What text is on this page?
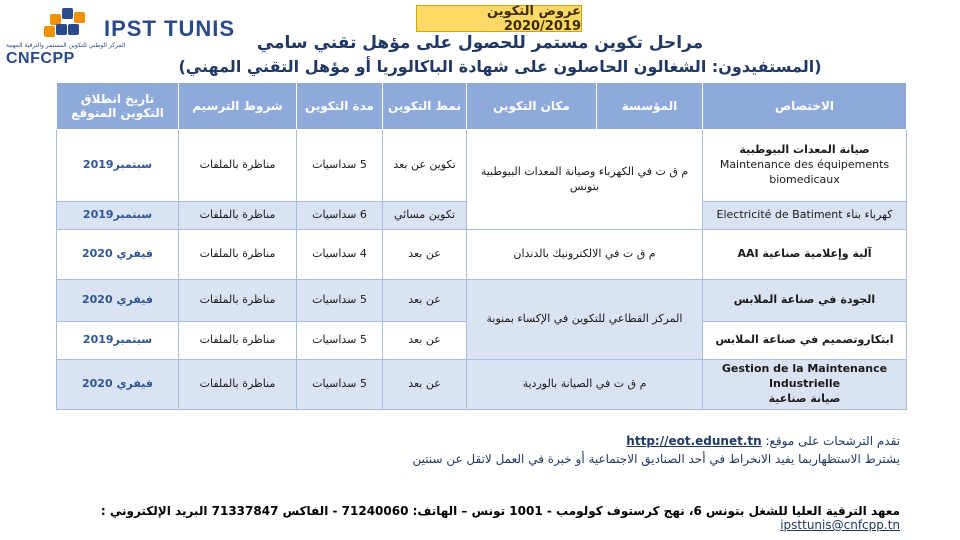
المركز الوطني للتكوين المستمر والترقية المهنية
CNFCPP
IPST TUNIS
عروض التكوين 2020/2019
مراحل تكوين مستمر للحصول على مؤهل تقني سامي
(المستفيدون: الشغالون الحاصلون على شهادة الباكالوريا أو مؤهل التقني المهني)
الاختصاص	المؤسسة	مكان التكوين	نمط التكوين	مدة التكوين	شروط الترسيم	تاريخ انطلاق التكوين المتوقع

صيانة المعدات البيوطبية
Maintenance des équipements biomedicaux	م ق ت في الكهرباء وصيانة المعدات البيوطبية بتونس		تكوين عن بعد	5 سداسيات	مناظرة بالملفات	سبتمبر2019
كهرباء بناء Electricité de Batiment			تكوين مسائي	6 سداسيات	مناظرة بالملفات	سبتمبر2019
آلية وإعلامية صناعية AAI	م ق ت في الالكترونيك بالدندان		عن بعد	4 سداسيات	مناظرة بالملفات	فيفري 2020
الجودة في صناعة الملابس	المركز القطاعي للتكوين في الإكساء بمنوبة		عن بعد	5 سداسيات	مناظرة بالملفات	فيفري 2020
ابتكاروتصميم في صناعة الملابس			عن بعد	5 سداسيات	مناظرة بالملفات	سبتمبر2019

Gestion de la Maintenance Industrielle
صيانة صناعية	م ق ت في الصيانة بالوردية		عن بعد	5 سداسيات	مناظرة بالملفات	فيفري 2020
تقدم الترشحات على موقع: http://eot.edunet.tn
يشترط الاستظهاربما يفيد الانخراط في أحد الصناديق الاجتماعية أو خبرة في العمل لاتقل عن سنتين
معهد الترقية العليا للشغل بتونس 6، نهج كرستوف كولومب - 1001 تونس – الهاتف: 71240060 - الفاكس 71337847 البريد الإلكتروني : ipsttunis@cnfcpp.tn
